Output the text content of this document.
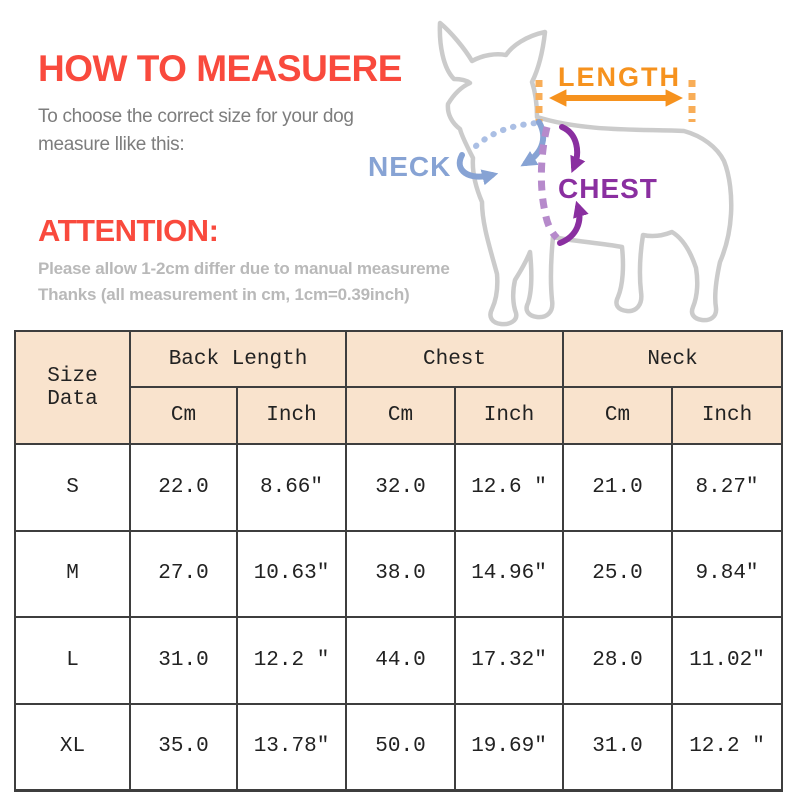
HOW TO MEASUERE
To choose the correct size for your dog
measure llike this:
ATTENTION:
Please allow 1-2cm differ due to manual measureme
Thanks (all measurement in cm, 1cm=0.39inch)
LENGTH
NECK
CHEST
Size Data	Back Length		Chest		Neck	
	Cm	Inch	Cm	Inch	Cm	Inch
S	22.0	8.66″	32.0	12.6 ″	21.0	8.27″
M	27.0	10.63″	38.0	14.96″	25.0	9.84″
L	31.0	12.2 ″	44.0	17.32″	28.0	11.02″
XL	35.0	13.78″	50.0	19.69″	31.0	12.2 ″
